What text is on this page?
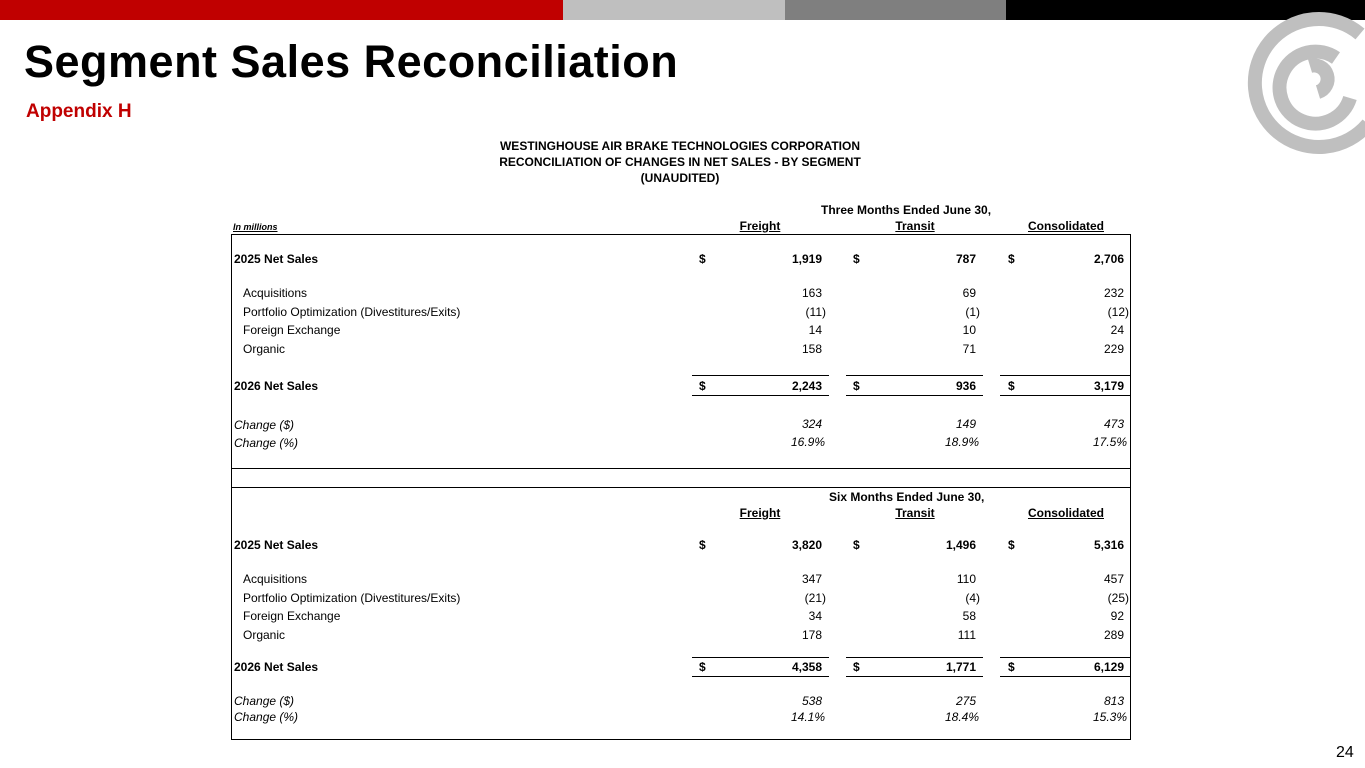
Segment Sales Reconciliation
Appendix H
WESTINGHOUSE AIR BRAKE TECHNOLOGIES CORPORATION
RECONCILIATION OF CHANGES IN NET SALES - BY SEGMENT
(UNAUDITED)
Three Months Ended June 30,
In millions	Freight	Transit	Consolidated
2025 Net Sales	$	1,919	$	787	$	2,706
Acquisitions	163	69	232
Portfolio Optimization (Divestitures/Exits)	(11)	(1)	(12)
Foreign Exchange	14	10	24
Organic	158	71	229
2026 Net Sales	$	2,243	$	936	$	3,179
Change ($)	324	149	473
Change (%)	16.9%	18.9%	17.5%
Six Months Ended June 30,
Freight	Transit	Consolidated
2025 Net Sales	$	3,820	$	1,496	$	5,316
Acquisitions	347	110	457
Portfolio Optimization (Divestitures/Exits)	(21)	(4)	(25)
Foreign Exchange	34	58	92
Organic	178	111	289
2026 Net Sales	$	4,358	$	1,771	$	6,129
Change ($)	538	275	813
Change (%)	14.1%	18.4%	15.3%
24
